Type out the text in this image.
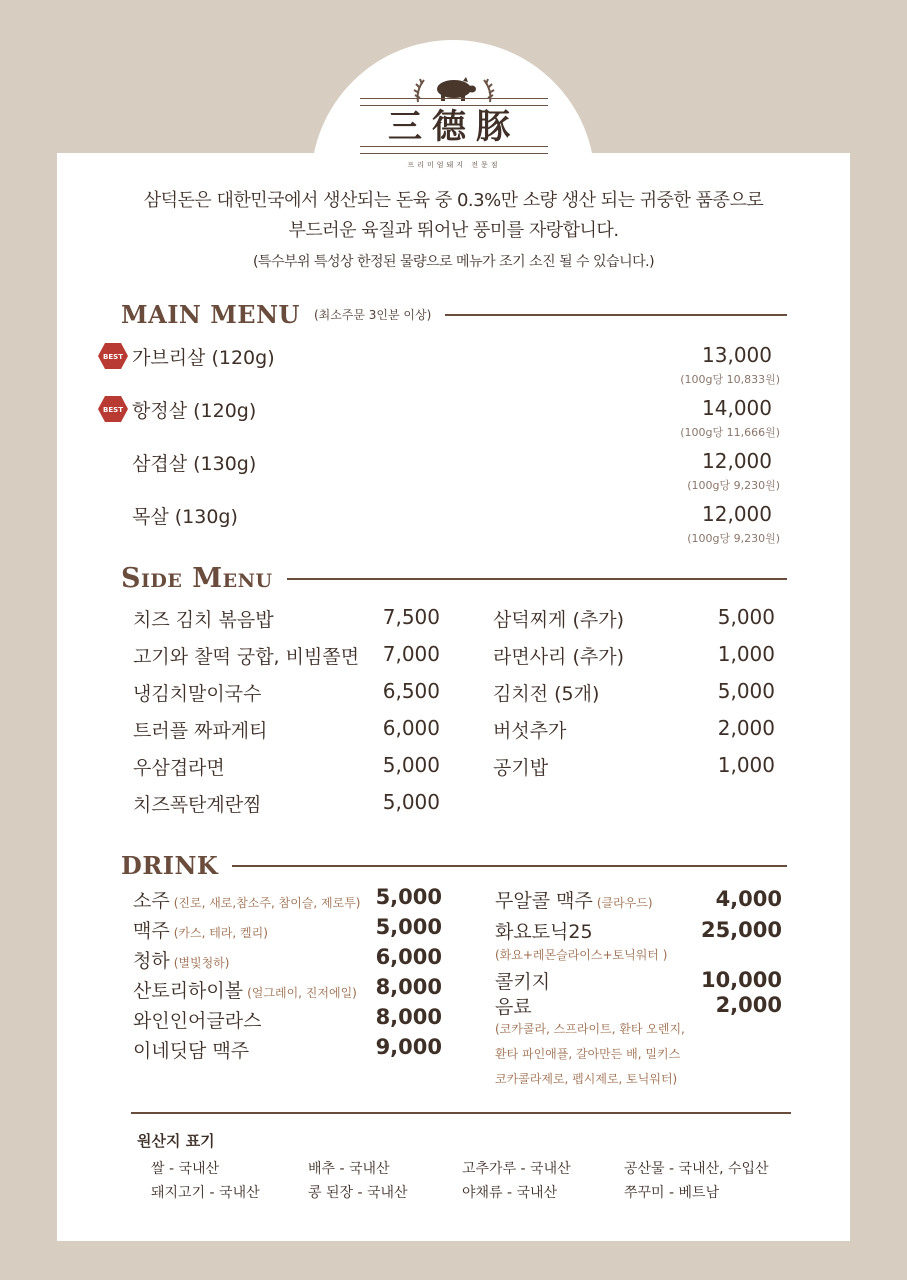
三德豚
프리미엄돼지 전문점
삼덕돈은 대한민국에서 생산되는 돈육 중 0.3%만 소량 생산 되는 귀중한 품종으로
부드러운 육질과 뛰어난 풍미를 자랑합니다.
(특수부위 특성상 한정된 물량으로 메뉴가 조기 소진 될 수 있습니다.)
MAIN MENU (최소주문 3인분 이상)
BEST 가브리살 (120g)	13,000
(100g당 10,833원)
BEST 항정살 (120g)	14,000
(100g당 11,666원)
삼겹살 (130g)	12,000
(100g당 9,230원)
목살 (130g)	12,000
(100g당 9,230원)
Side Menu
치즈 김치 볶음밥	7,500
고기와 찰떡 궁합, 비빔쫄면 7,000
냉김치말이국수	6,500
트러플 짜파게티	6,000
우삼겹라면	5,000
치즈폭탄계란찜	5,000
삼덕찌게 (추가)	5,000
라면사리 (추가)	1,000
김치전 (5개)	5,000
버섯추가	2,000
공기밥	1,000
DRINK
소주 (진로, 새로,참소주, 참이슬, 제로투) 5,000
맥주 (카스, 테라, 켈리)	5,000
청하 (별빛청하)	6,000
산토리하이볼 (얼그레이, 진저에일) 8,000
와인인어글라스	8,000
이네딧담 맥주	9,000
무알콜 맥주 (클라우드)	4,000
화요토닉25	25,000
콜키지	10,000
음료	2,000
(화요+레몬슬라이스+토닉워터 )
(코카콜라, 스프라이트, 환타 오렌지,
환타 파인애플, 갈아만든 배, 밀키스
코카콜라제로, 펩시제로, 토닉워터)
원산지 표기
쌀 - 국내산	배추 - 국내산	고추가루 - 국내산	공산물 - 국내산, 수입산
돼지고기 - 국내산	콩 된장 - 국내산	야채류 - 국내산	쭈꾸미 - 베트남
